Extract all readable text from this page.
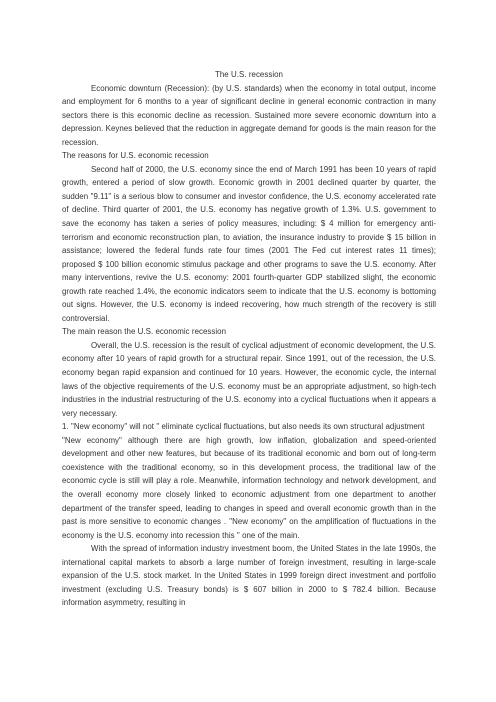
The U.S. recession

Economic downturn (Recession): (by U.S. standards) when the economy in total output, income and employment for 6 months to a year of significant decline in general economic contraction in many sectors there is this economic decline as recession. Sustained more severe economic downturn into a depression. Keynes believed that the reduction in aggregate demand for goods is the main reason for the recession.

The reasons for U.S. economic recession

Second half of 2000, the U.S. economy since the end of March 1991 has been 10 years of rapid growth, entered a period of slow growth. Economic growth in 2001 declined quarter by quarter, the sudden "9.11" is a serious blow to consumer and investor confidence, the U.S. economy accelerated rate of decline. Third quarter of 2001, the U.S. economy has negative growth of 1.3%. U.S. government to save the economy has taken a series of policy measures, including: $ 4 million for emergency anti-terrorism and economic reconstruction plan, to aviation, the insurance industry to provide $ 15 billion in assistance; lowered the federal funds rate four times (2001 The Fed cut interest rates 11 times); proposed $ 100 billion economic stimulus package and other programs to save the U.S. economy. After many interventions, revive the U.S. economy: 2001 fourth-quarter GDP stabilized slight, the economic growth rate reached 1.4%, the economic indicators seem to indicate that the U.S. economy is bottoming out signs. However, the U.S. economy is indeed recovering, how much strength of the recovery is still controversial.

The main reason the U.S. economic recession

Overall, the U.S. recession is the result of cyclical adjustment of economic development, the U.S. economy after 10 years of rapid growth for a structural repair. Since 1991, out of the recession, the U.S. economy began rapid expansion and continued for 10 years. However, the economic cycle, the internal laws of the objective requirements of the U.S. economy must be an appropriate adjustment, so high-tech industries in the industrial restructuring of the U.S. economy into a cyclical fluctuations when it appears a very necessary.

1. "New economy" will not " eliminate cyclical fluctuations, but also needs its own structural adjustment

"New economy" although there are high growth, low inflation, globalization and speed-oriented development and other new features, but because of its traditional economic and born out of long-term coexistence with the traditional economy, so in this development process, the traditional law of the economic cycle is still will play a role. Meanwhile, information technology and network development, and the overall economy more closely linked to economic adjustment from one department to another department of the transfer speed, leading to changes in speed and overall economic growth than in the past is more sensitive to economic changes . "New economy" on the amplification of fluctuations in the economy is the U.S. economy into recession this " one of the main.

With the spread of information industry investment boom, the United States in the late 1990s, the international capital markets to absorb a large number of foreign investment, resulting in large-scale expansion of the U.S. stock market. In the United States in 1999 foreign direct investment and portfolio investment (excluding U.S. Treasury bonds) is $ 607 billion in 2000 to $ 782.4 billion. Because information asymmetry, resulting in
